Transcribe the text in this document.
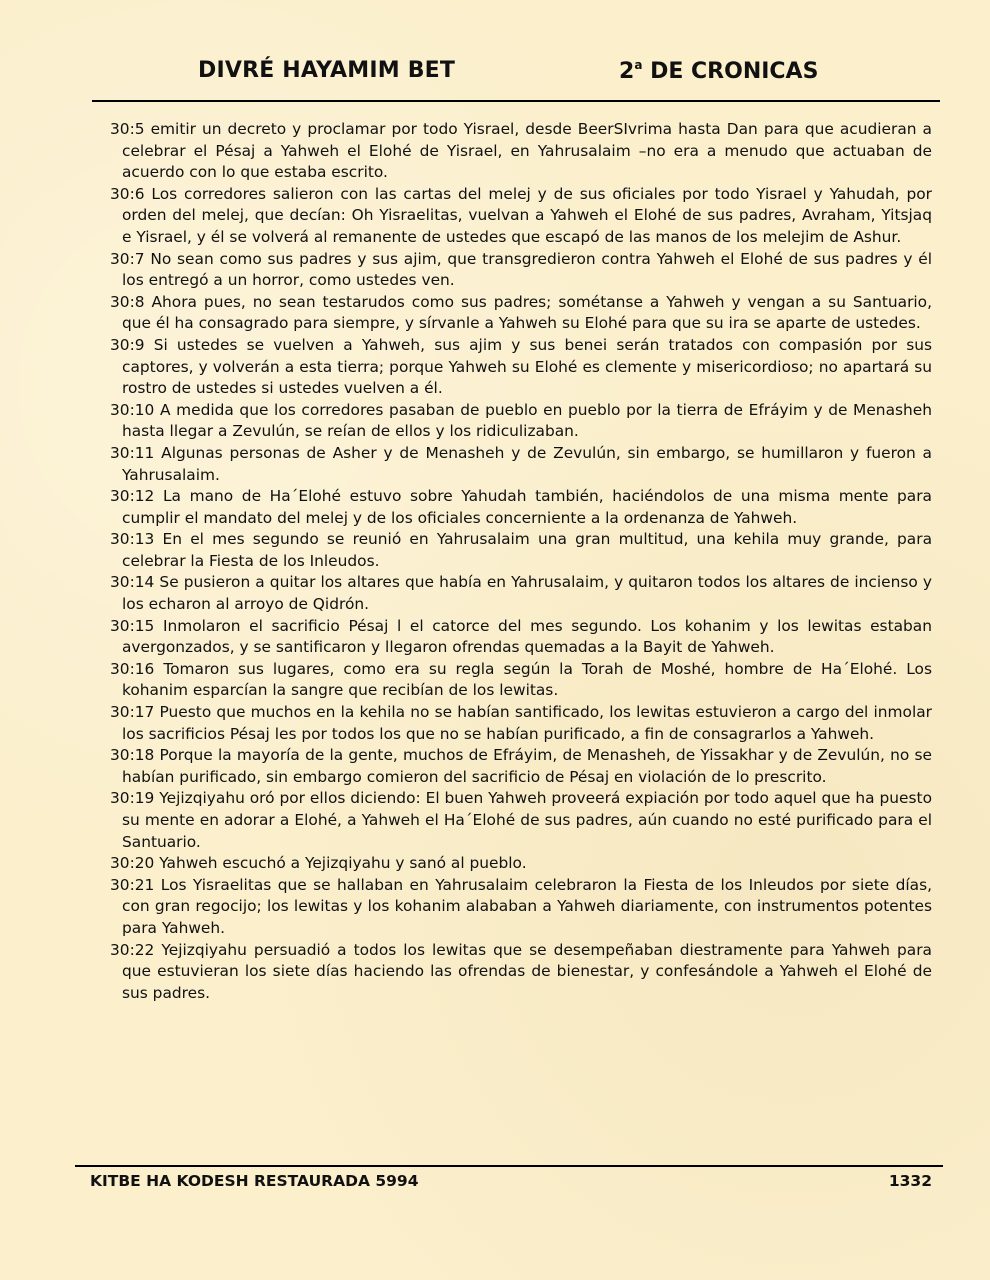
DIVRÉ HAYAMIM BET	2$^a$ DE CRONICAS

30:5 emitir un decreto y proclamar por todo Yisrael, desde BeerSIvrima hasta Dan para que acudieran a celebrar el Pésaj a Yahweh el Elohé de Yisrael, en Yahrusalaim –no era a menudo que actuaban de acuerdo con lo que estaba escrito.

30:6 Los corredores salieron con las cartas del melej y de sus oficiales por todo Yisrael y Yahudah, por orden del melej, que decían: Oh Yisraelitas, vuelvan a Yahweh el Elohé de sus padres, Avraham, Yitsjaq e Yisrael, y él se volverá al remanente de ustedes que escapó de las manos de los melejim de Ashur.

30:7 No sean como sus padres y sus ajim, que transgredieron contra Yahweh el Elohé de sus padres y él los entregó a un horror, como ustedes ven.

30:8 Ahora pues, no sean testarudos como sus padres; sométanse a Yahweh y vengan a su Santuario, que él ha consagrado para siempre, y sírvanle a Yahweh su Elohé para que su ira se aparte de ustedes.

30:9 Si ustedes se vuelven a Yahweh, sus ajim y sus benei serán tratados con compasión por sus captores, y volverán a esta tierra; porque Yahweh su Elohé es clemente y misericordioso; no apartará su rostro de ustedes si ustedes vuelven a él.

30:10 A medida que los corredores pasaban de pueblo en pueblo por la tierra de Efráyim y de Menasheh hasta llegar a Zevulún, se reían de ellos y los ridiculizaban.

30:11 Algunas personas de Asher y de Menasheh y de Zevulún, sin embargo, se humillaron y fueron a Yahrusalaim.

30:12 La mano de Ha´Elohé estuvo sobre Yahudah también, haciéndolos de una misma mente para cumplir el mandato del melej y de los oficiales concerniente a la ordenanza de Yahweh.

30:13 En el mes segundo se reunió en Yahrusalaim una gran multitud, una kehila muy grande, para celebrar la Fiesta de los Inleudos.

30:14 Se pusieron a quitar los altares que había en Yahrusalaim, y quitaron todos los altares de incienso y los echaron al arroyo de Qidrón.

30:15 Inmolaron el sacrificio Pésaj l el catorce del mes segundo. Los kohanim y los lewitas estaban avergonzados, y se santificaron y llegaron ofrendas quemadas a la Bayit de Yahweh.

30:16 Tomaron sus lugares, como era su regla según la Torah de Moshé, hombre de Ha´Elohé. Los kohanim esparcían la sangre que recibían de los lewitas.

30:17 Puesto que muchos en la kehila no se habían santificado, los lewitas estuvieron a cargo del inmolar los sacrificios Pésaj les por todos los que no se habían purificado, a fin de consagrarlos a Yahweh.

30:18 Porque la mayoría de la gente, muchos de Efráyim, de Menasheh, de Yissakhar y de Zevulún, no se habían purificado, sin embargo comieron del sacrificio de Pésaj en violación de lo prescrito.

30:19 Yejizqiyahu oró por ellos diciendo: El buen Yahweh proveerá expiación por todo aquel que ha puesto su mente en adorar a Elohé, a Yahweh el Ha´Elohé de sus padres, aún cuando no esté purificado para el Santuario.

30:20 Yahweh escuchó a Yejizqiyahu y sanó al pueblo.

30:21 Los Yisraelitas que se hallaban en Yahrusalaim celebraron la Fiesta de los Inleudos por siete días, con gran regocijo; los lewitas y los kohanim alababan a Yahweh diariamente, con instrumentos potentes para Yahweh.

30:22 Yejizqiyahu persuadió a todos los lewitas que se desempeñaban diestramente para Yahweh para que estuvieran los siete días haciendo las ofrendas de bienestar, y confesándole a Yahweh el Elohé de sus padres.

KITBE HA KODESH RESTAURADA 5994	1332
